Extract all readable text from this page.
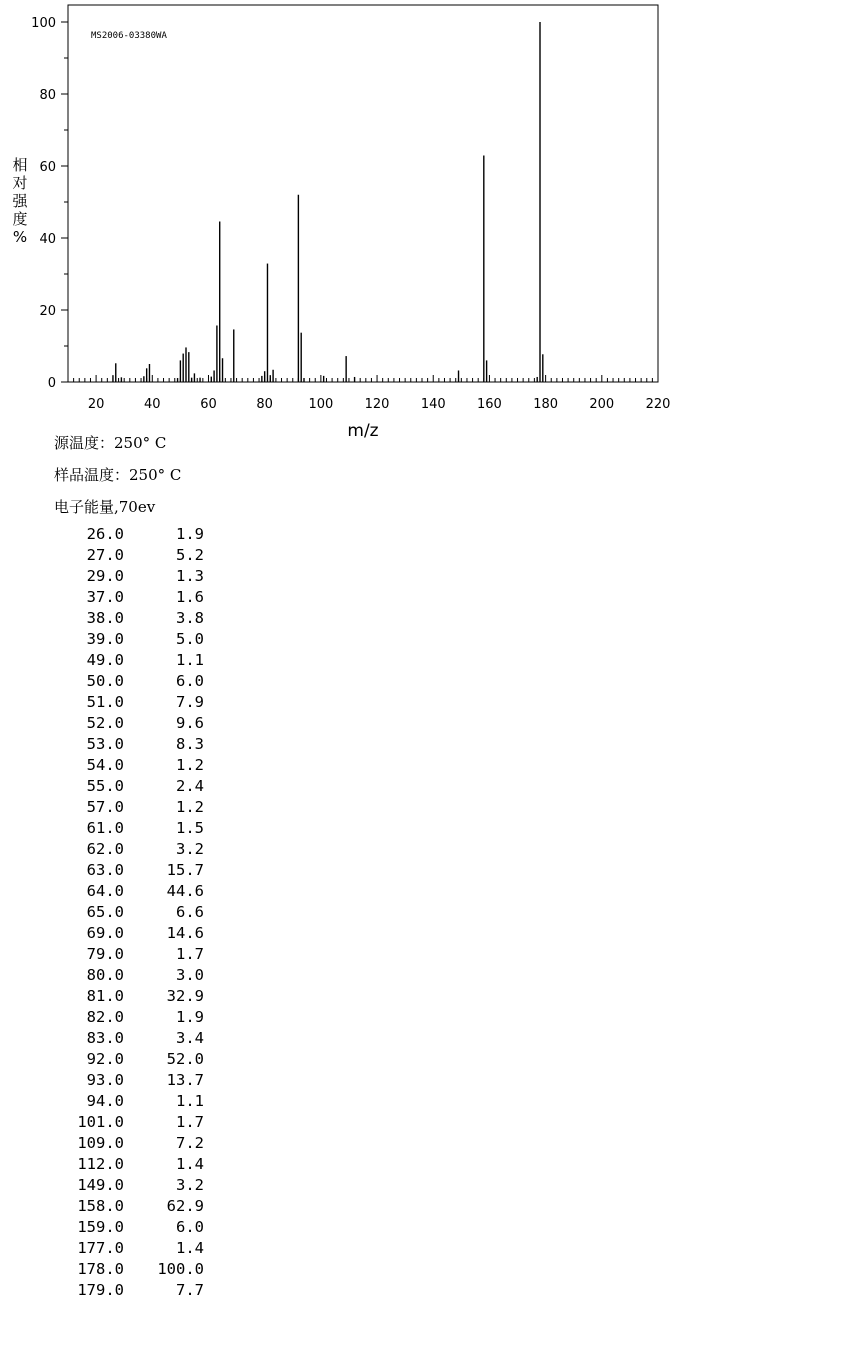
MS2006-03380WA
20	40	60	80	100 120 140 160 180 200 220
0
20
40
60
80
100
m/z
相
对
强
度
%
源温度：250° C
样品温度：250° C
电子能量,70ev
26.0	1.9
27.0	5.2
29.0	1.3
37.0	1.6
38.0	3.8
39.0	5.0
49.0	1.1
50.0	6.0
51.0	7.9
52.0	9.6
53.0	8.3
54.0	1.2
55.0	2.4
57.0	1.2
61.0	1.5
62.0	3.2
63.0	15.7
64.0	44.6
65.0	6.6
69.0	14.6
79.0	1.7
80.0	3.0
81.0	32.9
82.0	1.9
83.0	3.4
92.0	52.0
93.0	13.7
94.0	1.1
101.0	1.7
109.0	7.2
112.0	1.4
149.0	3.2
158.0	62.9
159.0	6.0
177.0	1.4
178.0 100.0
179.0	7.7
